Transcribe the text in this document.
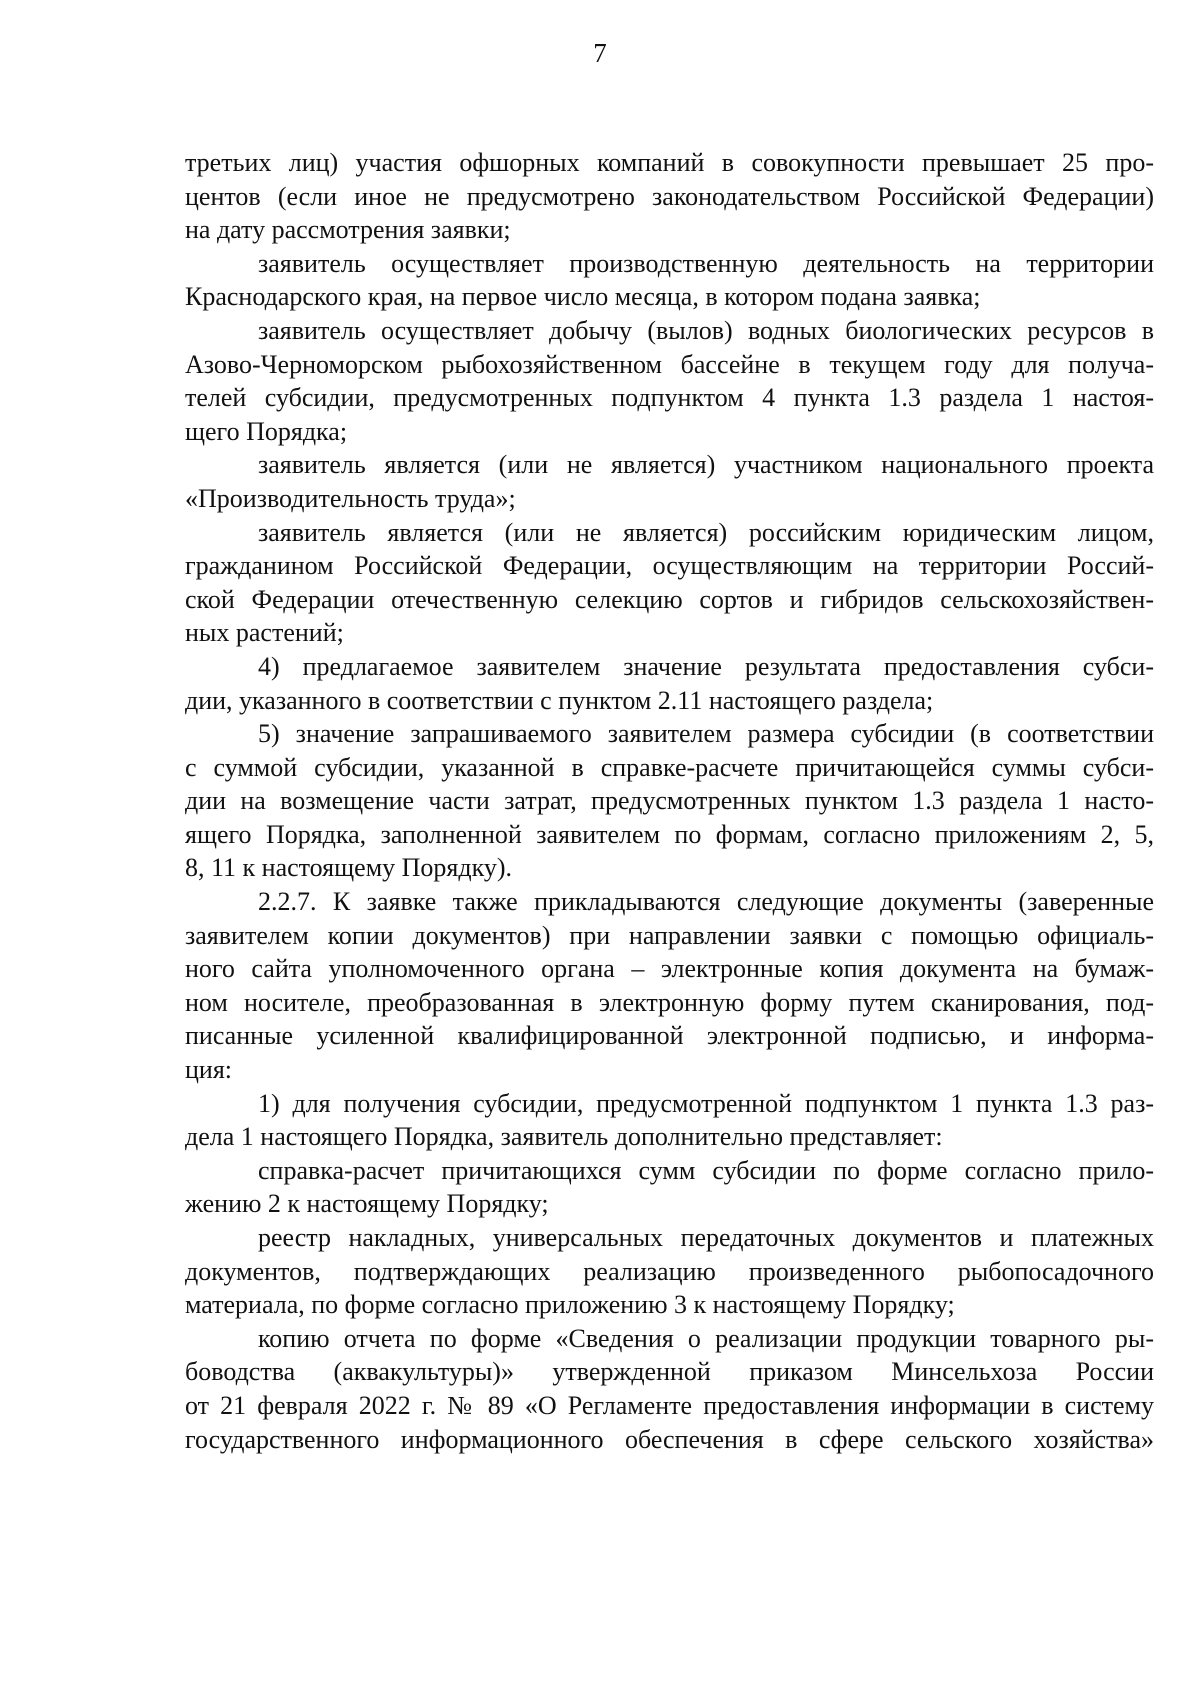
7
третьих лиц) участия офшорных компаний в совокупности превышает 25 про-
центов (если иное не предусмотрено законодательством Российской Федерации)
на дату рассмотрения заявки;
заявитель осуществляет производственную деятельность на территории
Краснодарского края, на первое число месяца, в котором подана заявка;
заявитель осуществляет добычу (вылов) водных биологических ресурсов в
Азово-Черноморском рыбохозяйственном бассейне в текущем году для получа-
телей субсидии, предусмотренных подпунктом 4 пункта 1.3 раздела 1 настоя-
щего Порядка;
заявитель является (или не является) участником национального проекта
«Производительность труда»;
заявитель является (или не является) российским юридическим лицом,
гражданином Российской Федерации, осуществляющим на территории Россий-
ской Федерации отечественную селекцию сортов и гибридов сельскохозяйствен-
ных растений;
4) предлагаемое заявителем значение результата предоставления субси-
дии, указанного в соответствии с пунктом 2.11 настоящего раздела;
5) значение запрашиваемого заявителем размера субсидии (в соответствии
с суммой субсидии, указанной в справке-расчете причитающейся суммы субси-
дии на возмещение части затрат, предусмотренных пунктом 1.3 раздела 1 насто-
ящего Порядка, заполненной заявителем по формам, согласно приложениям 2, 5,
8, 11 к настоящему Порядку).
2.2.7. К заявке также прикладываются следующие документы (заверенные
заявителем копии документов) при направлении заявки с помощью официаль-
ного сайта уполномоченного органа – электронные копия документа на бумаж-
ном носителе, преобразованная в электронную форму путем сканирования, под-
писанные усиленной квалифицированной электронной подписью, и информа-
ция:
1) для получения субсидии, предусмотренной подпунктом 1 пункта 1.3 раз-
дела 1 настоящего Порядка, заявитель дополнительно представляет:
справка-расчет причитающихся сумм субсидии по форме согласно прило-
жению 2 к настоящему Порядку;
реестр накладных, универсальных передаточных документов и платежных
документов, подтверждающих реализацию произведенного рыбопосадочного
материала, по форме согласно приложению 3 к настоящему Порядку;
копию отчета по форме «Сведения о реализации продукции товарного ры-
боводства (аквакультуры)» утвержденной приказом Минсельхоза России
от 21 февраля 2022 г. № 89 «О Регламенте предоставления информации в систему
государственного информационного обеспечения в сфере сельского хозяйства»
